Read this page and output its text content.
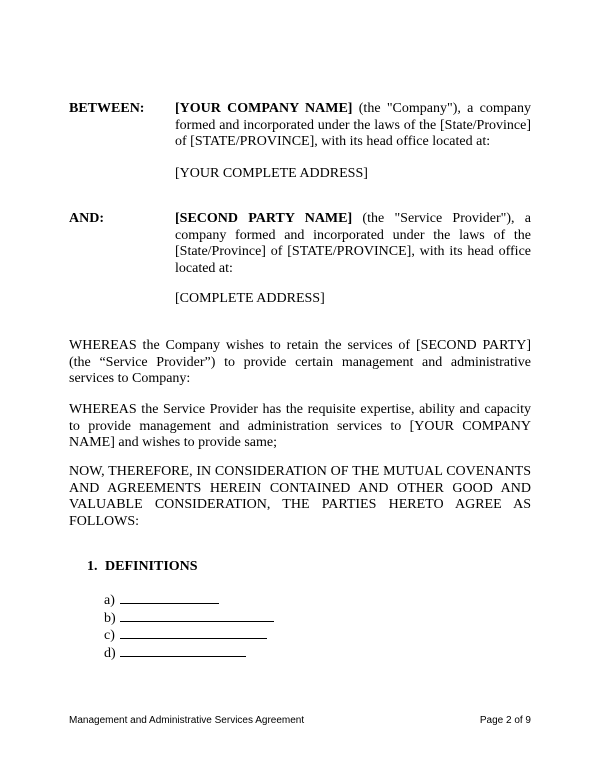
BETWEEN: [YOUR COMPANY NAME] (the "Company"), a company formed and incorporated under the laws of the [State/Province] of [STATE/PROVINCE], with its head office located at:

[YOUR COMPLETE ADDRESS]

AND:	[SECOND PARTY NAME] (the "Service Provider"), a company formed and incorporated under the laws of the [State/Province] of [STATE/PROVINCE], with its head office located at:

[COMPLETE ADDRESS]

WHEREAS the Company wishes to retain the services of [SECOND PARTY] (the “Service Provider”) to provide certain management and administrative services to Company:

WHEREAS the Service Provider has the requisite expertise, ability and capacity to provide management and administration services to [YOUR COMPANY NAME] and wishes to provide same;

NOW, THEREFORE, IN CONSIDERATION OF THE MUTUAL COVENANTS AND AGREEMENTS HEREIN CONTAINED AND OTHER GOOD AND VALUABLE CONSIDERATION, THE PARTIES HERETO AGREE AS FOLLOWS:

1. DEFINITIONS

a)
b)
c)
d)
Management and Administrative Services Agreement	Page 2 of 9
